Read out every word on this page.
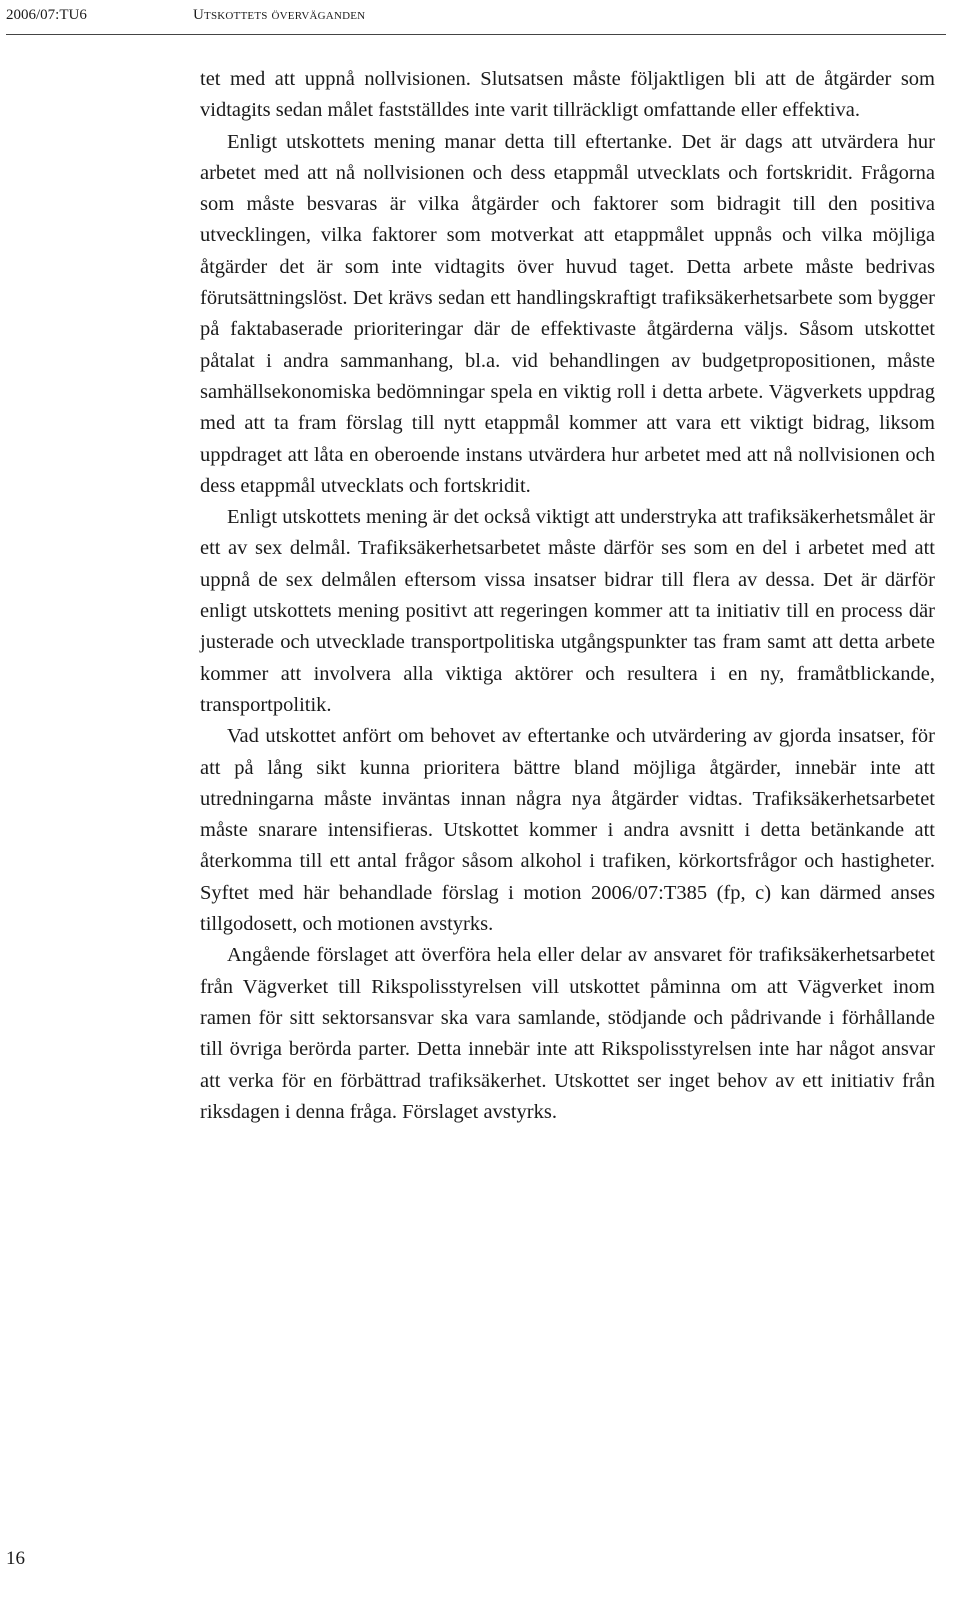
2006/07:TU6	Utskottets överväganden

tet med att uppnå nollvisionen. Slutsatsen måste följaktligen bli att de åtgärder som vidtagits sedan målet fastställdes inte varit tillräckligt omfattande eller effektiva.

Enligt utskottets mening manar detta till eftertanke. Det är dags att utvärdera hur arbetet med att nå nollvisionen och dess etappmål utvecklats och fortskridit. Frågorna som måste besvaras är vilka åtgärder och faktorer som bidragit till den positiva utvecklingen, vilka faktorer som motverkat att etappmålet uppnås och vilka möjliga åtgärder det är som inte vidtagits över huvud taget. Detta arbete måste bedrivas förutsättningslöst. Det krävs sedan ett handlingskraftigt trafiksäkerhetsarbete som bygger på faktabaserade prioriteringar där de effektivaste åtgärderna väljs. Såsom utskottet påtalat i andra sammanhang, bl.a. vid behandlingen av budgetpropositionen, måste samhällsekonomiska bedömningar spela en viktig roll i detta arbete. Vägverkets uppdrag med att ta fram förslag till nytt etappmål kommer att vara ett viktigt bidrag, liksom uppdraget att låta en oberoende instans utvärdera hur arbetet med att nå nollvisionen och dess etappmål utvecklats och fortskridit.

Enligt utskottets mening är det också viktigt att understryka att trafiksäkerhetsmålet är ett av sex delmål. Trafiksäkerhetsarbetet måste därför ses som en del i arbetet med att uppnå de sex delmålen eftersom vissa insatser bidrar till flera av dessa. Det är därför enligt utskottets mening positivt att regeringen kommer att ta initiativ till en process där justerade och utvecklade transportpolitiska utgångspunkter tas fram samt att detta arbete kommer att involvera alla viktiga aktörer och resultera i en ny, framåtblickande, transportpolitik.

Vad utskottet anfört om behovet av eftertanke och utvärdering av gjorda insatser, för att på lång sikt kunna prioritera bättre bland möjliga åtgärder, innebär inte att utredningarna måste inväntas innan några nya åtgärder vidtas. Trafiksäkerhetsarbetet måste snarare intensifieras. Utskottet kommer i andra avsnitt i detta betänkande att återkomma till ett antal frågor såsom alkohol i trafiken, körkortsfrågor och hastigheter. Syftet med här behandlade förslag i motion 2006/07:T385 (fp, c) kan därmed anses tillgodosett, och motionen avstyrks.

Angående förslaget att överföra hela eller delar av ansvaret för trafiksäkerhetsarbetet från Vägverket till Rikspolisstyrelsen vill utskottet påminna om att Vägverket inom ramen för sitt sektorsansvar ska vara samlande, stödjande och pådrivande i förhållande till övriga berörda parter. Detta innebär inte att Rikspolisstyrelsen inte har något ansvar att verka för en förbättrad trafiksäkerhet. Utskottet ser inget behov av ett initiativ från riksdagen i denna fråga. Förslaget avstyrks.

16
